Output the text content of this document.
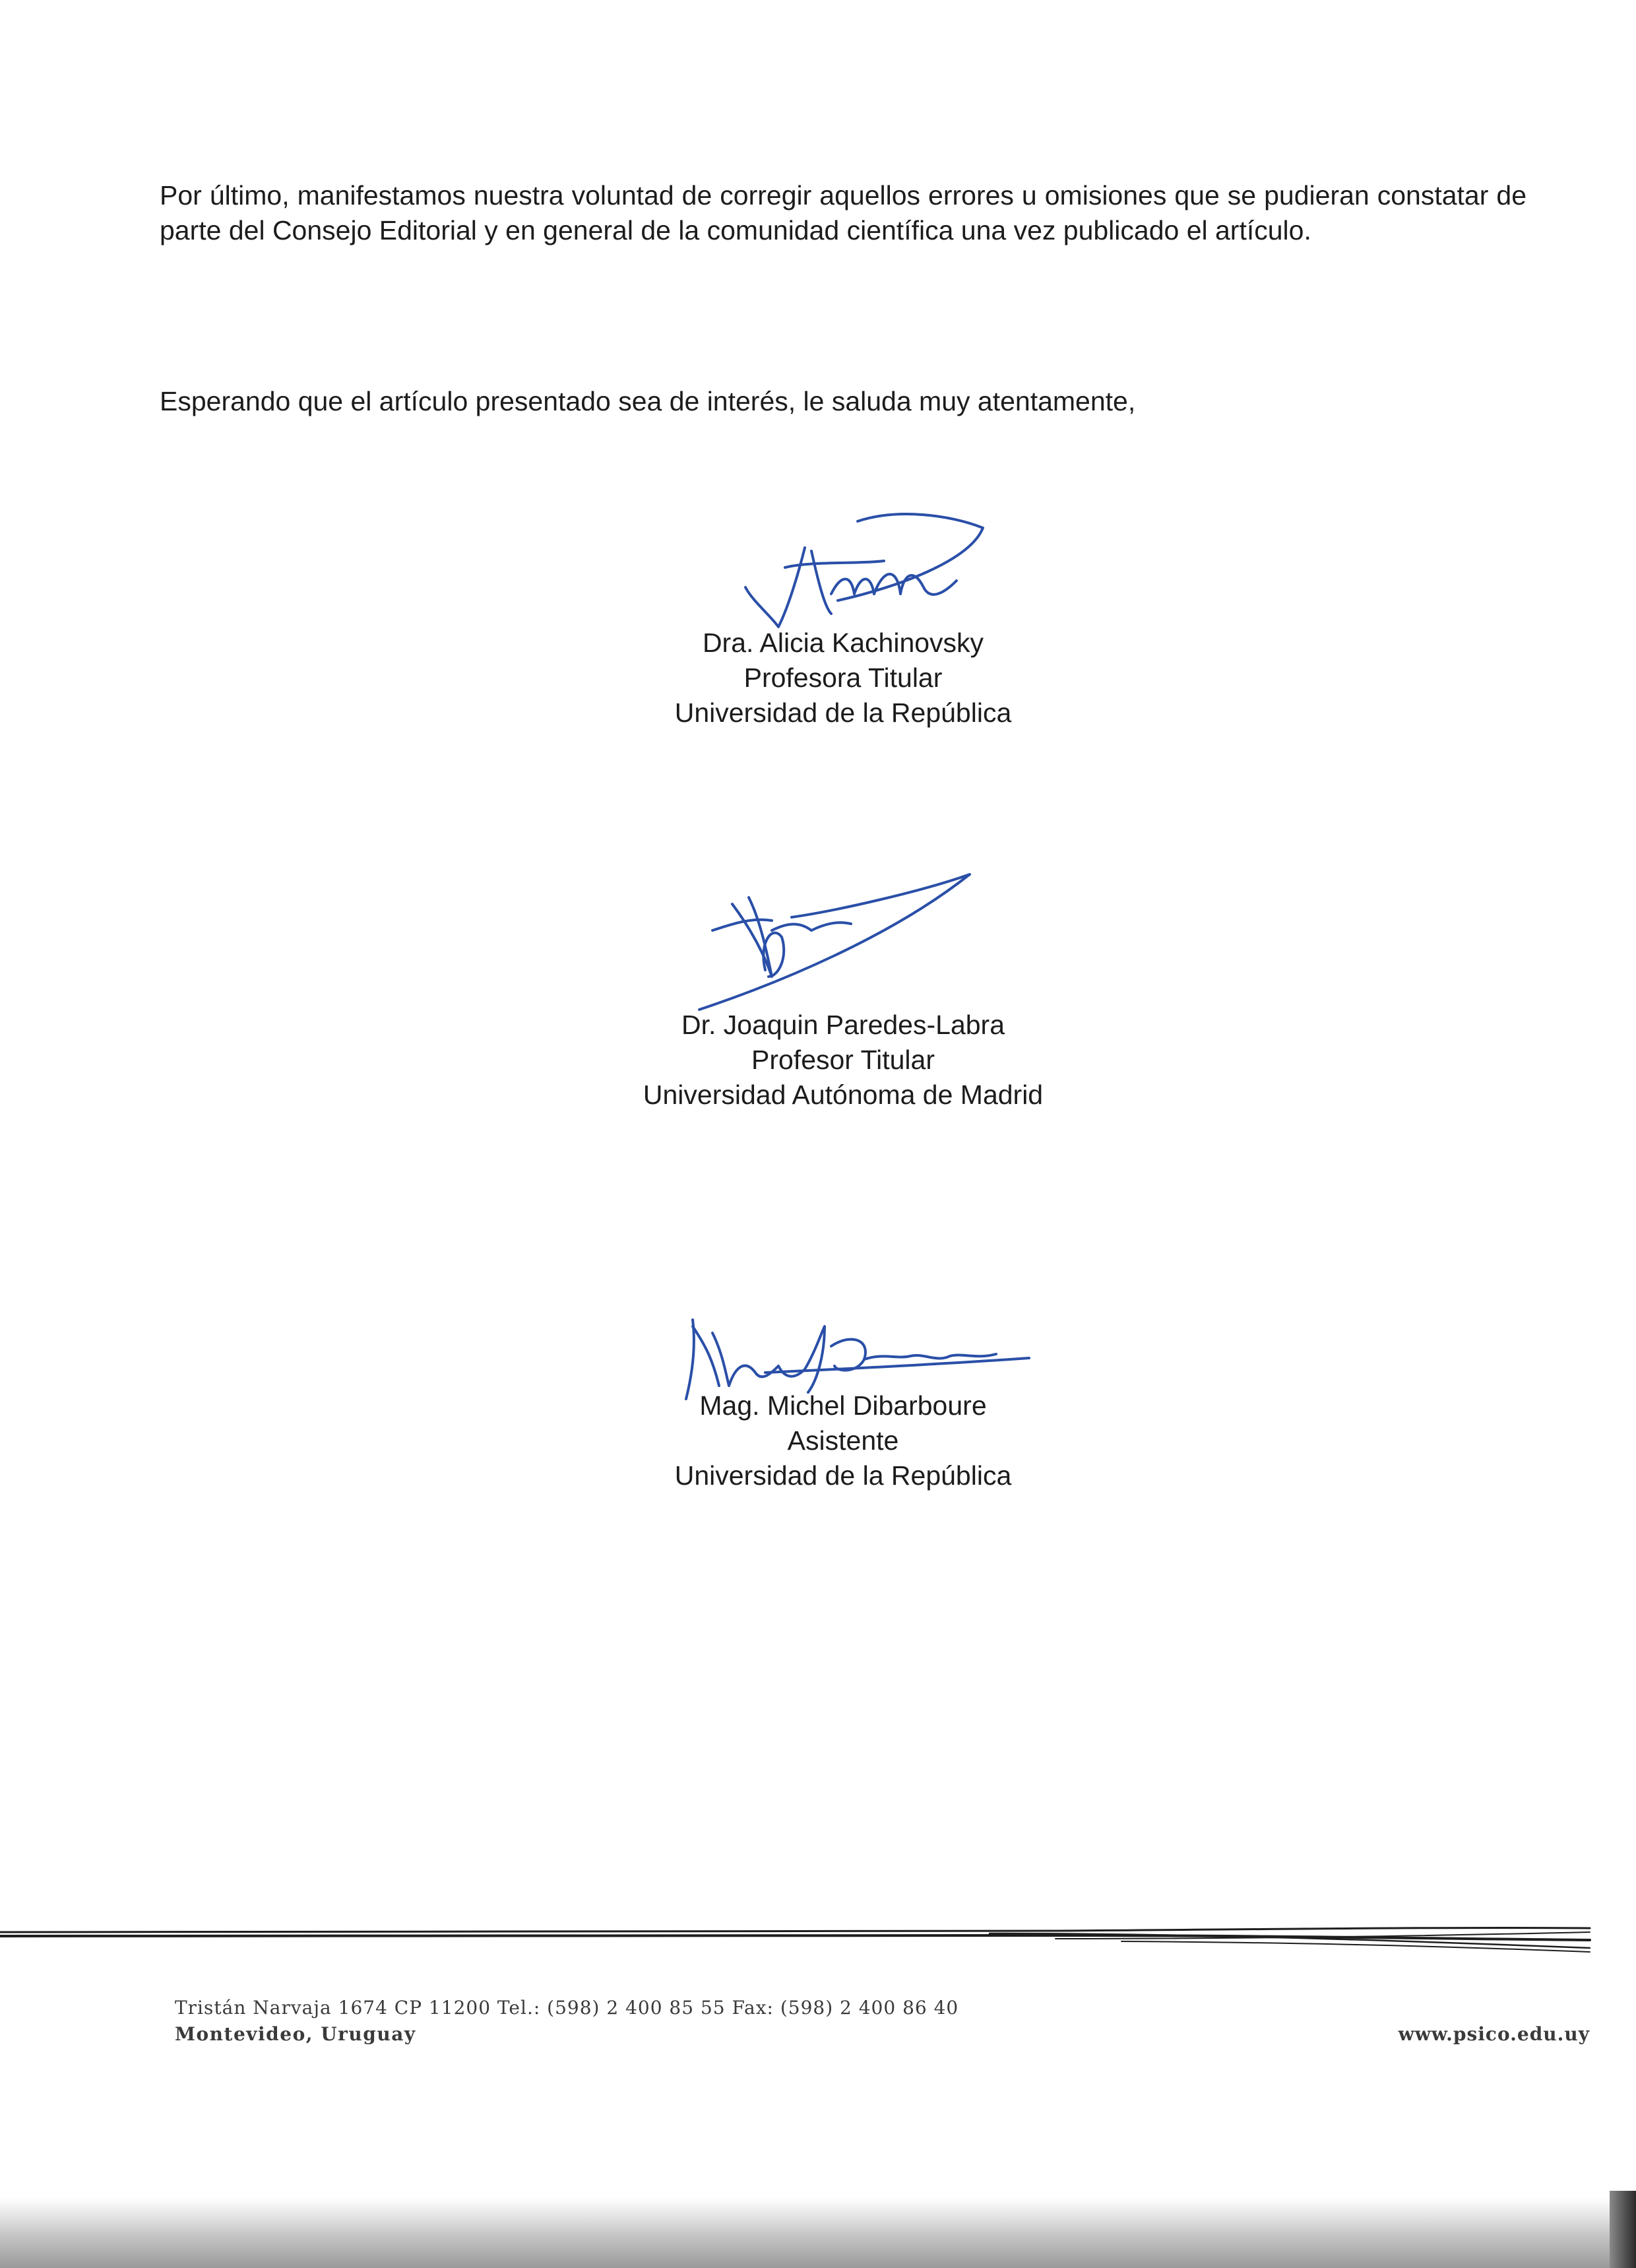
Por último, manifestamos nuestra voluntad de corregir aquellos errores u omisiones que se pudieran constatar de parte del Consejo Editorial y en general de la comunidad científica una vez publicado el artículo.

Esperando que el artículo presentado sea de interés, le saluda muy atentamente,

Dra. Alicia Kachinovsky
Profesora Titular
Universidad de la República
Dr. Joaquin Paredes-Labra
Profesor Titular
Universidad Autónoma de Madrid
Mag. Michel Dibarboure
Asistente
Universidad de la República
Tristán Narvaja 1674 CP 11200 Tel.: (598) 2 400 85 55 Fax: (598) 2 400 86 40
Montevideo, Uruguay	www.psico.edu.uy
